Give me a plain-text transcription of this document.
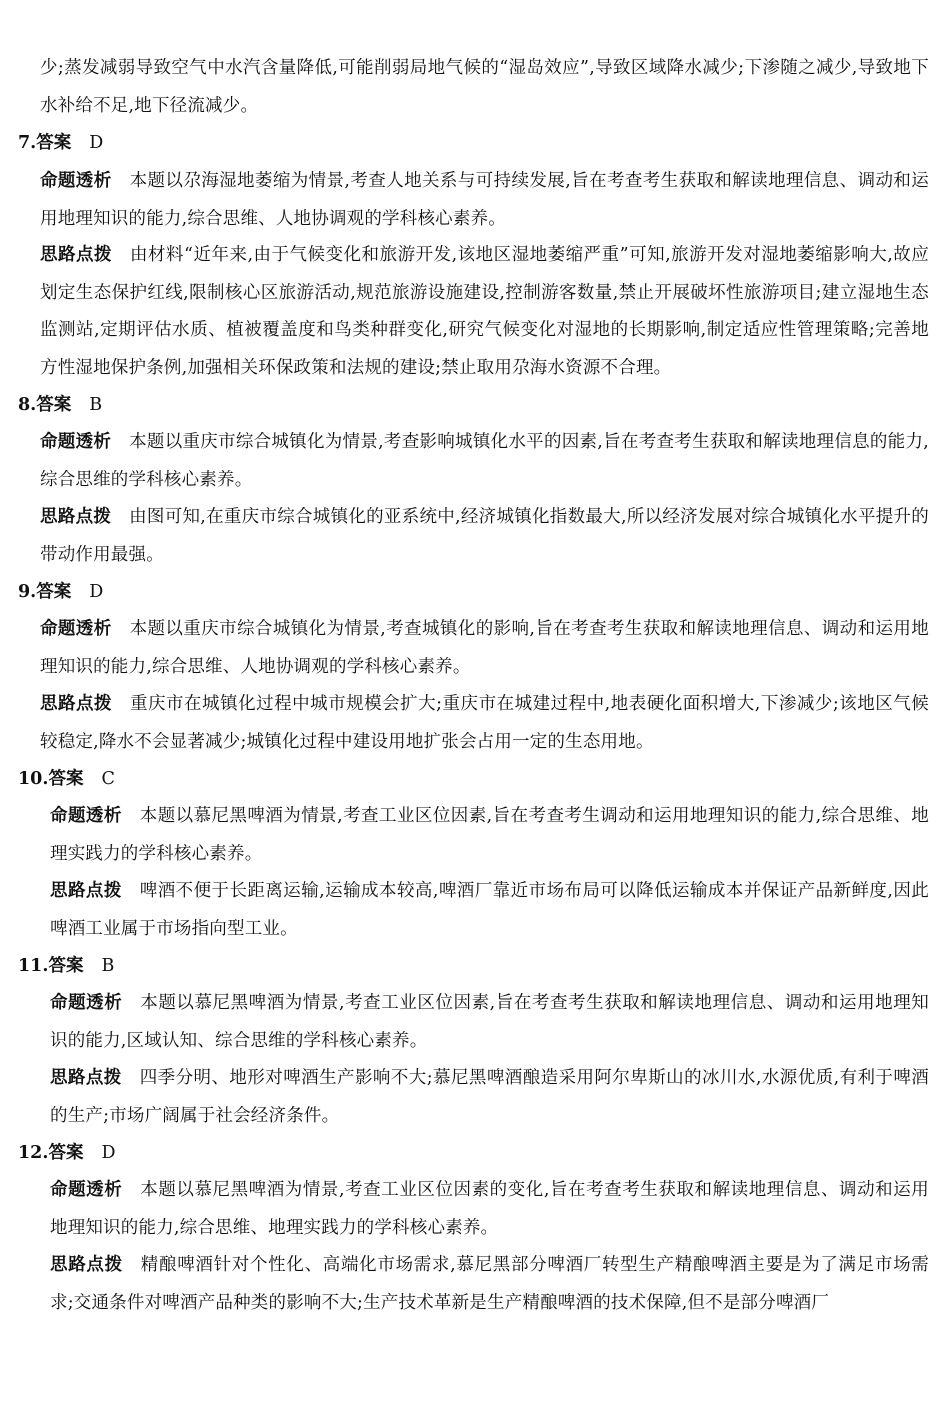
少;蒸发减弱导致空气中水汽含量降低,可能削弱局地气候的“湿岛效应”,导致区域降水减少;下渗随之减少,导致地下水补给不足,地下径流减少。
7.答案 D
命题透析 本题以尕海湿地萎缩为情景,考查人地关系与可持续发展,旨在考查考生获取和解读地理信息、调动和运用地理知识的能力,综合思维、人地协调观的学科核心素养。
思路点拨 由材料“近年来,由于气候变化和旅游开发,该地区湿地萎缩严重”可知,旅游开发对湿地萎缩影响大,故应划定生态保护红线,限制核心区旅游活动,规范旅游设施建设,控制游客数量,禁止开展破坏性旅游项目;建立湿地生态监测站,定期评估水质、植被覆盖度和鸟类种群变化,研究气候变化对湿地的长期影响,制定适应性管理策略;完善地方性湿地保护条例,加强相关环保政策和法规的建设;禁止取用尕海水资源不合理。
8.答案 B
命题透析 本题以重庆市综合城镇化为情景,考查影响城镇化水平的因素,旨在考查考生获取和解读地理信息的能力,综合思维的学科核心素养。
思路点拨 由图可知,在重庆市综合城镇化的亚系统中,经济城镇化指数最大,所以经济发展对综合城镇化水平提升的带动作用最强。
9.答案 D
命题透析 本题以重庆市综合城镇化为情景,考查城镇化的影响,旨在考查考生获取和解读地理信息、调动和运用地理知识的能力,综合思维、人地协调观的学科核心素养。
思路点拨 重庆市在城镇化过程中城市规模会扩大;重庆市在城建过程中,地表硬化面积增大,下渗减少;该地区气候较稳定,降水不会显著减少;城镇化过程中建设用地扩张会占用一定的生态用地。
10.答案 C
命题透析 本题以慕尼黑啤酒为情景,考查工业区位因素,旨在考查考生调动和运用地理知识的能力,综合思维、地理实践力的学科核心素养。
思路点拨 啤酒不便于长距离运输,运输成本较高,啤酒厂靠近市场布局可以降低运输成本并保证产品新鲜度,因此啤酒工业属于市场指向型工业。
11.答案 B
命题透析 本题以慕尼黑啤酒为情景,考查工业区位因素,旨在考查考生获取和解读地理信息、调动和运用地理知识的能力,区域认知、综合思维的学科核心素养。
思路点拨 四季分明、地形对啤酒生产影响不大;慕尼黑啤酒酿造采用阿尔卑斯山的冰川水,水源优质,有利于啤酒的生产;市场广阔属于社会经济条件。
12.答案 D
命题透析 本题以慕尼黑啤酒为情景,考查工业区位因素的变化,旨在考查考生获取和解读地理信息、调动和运用地理知识的能力,综合思维、地理实践力的学科核心素养。
思路点拨 精酿啤酒针对个性化、高端化市场需求,慕尼黑部分啤酒厂转型生产精酿啤酒主要是为了满足市场需求;交通条件对啤酒产品种类的影响不大;生产技术革新是生产精酿啤酒的技术保障,但不是部分啤酒厂
